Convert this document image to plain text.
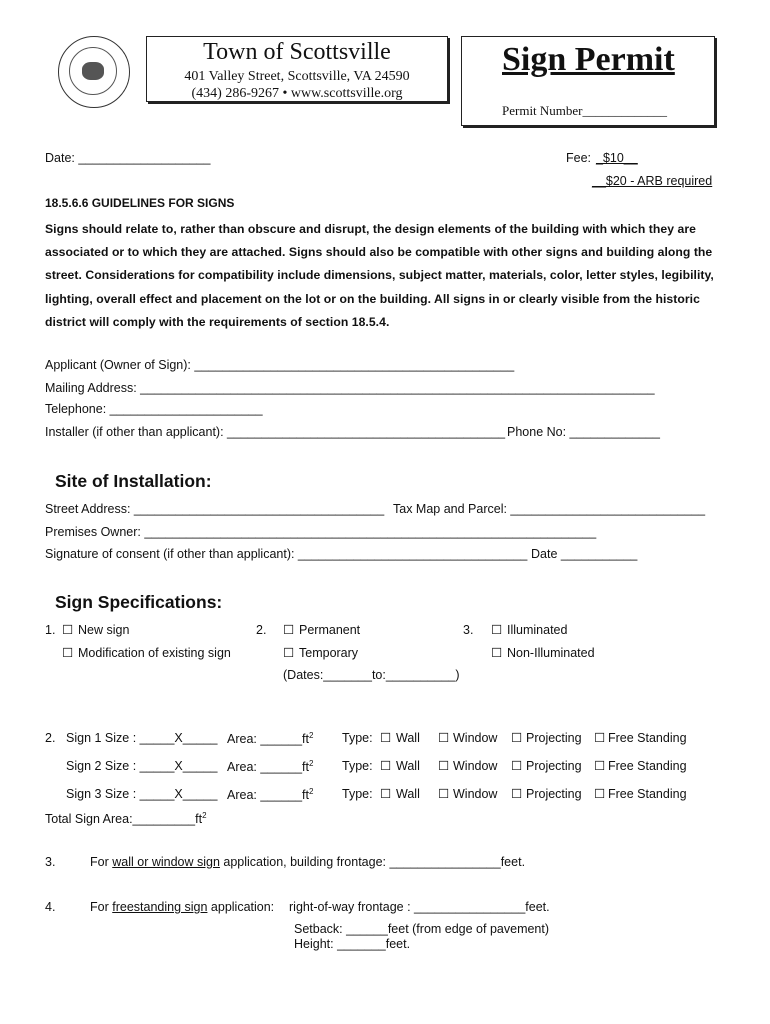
Town of Scottsville
401 Valley Street, Scottsville, VA 24590
(434) 286-9267 • www.scottsville.org
Sign Permit
Permit Number_____________
Date: ___________________	Fee: _$10__
__$20 - ARB required
18.5.6.6 GUIDELINES FOR SIGNS
Signs should relate to, rather than obscure and disrupt, the design elements of the building with which they are associated or to which they are attached. Signs should also be compatible with other signs and building along the street. Considerations for compatibility include dimensions, subject matter, materials, color, letter styles, legibility, lighting, overall effect and placement on the lot or on the building. All signs in or clearly visible from the historic district will comply with the requirements of section 18.5.4.
Applicant (Owner of Sign): ______________________________________________
Mailing Address: __________________________________________________________________________
Telephone: ______________________
Installer (if other than applicant): ________________________________________ Phone No: _____________
Site of Installation:
Street Address: ____________________________________ Tax Map and Parcel: ____________________________
Premises Owner: _________________________________________________________________
Signature of consent (if other than applicant): _________________________________ Date ___________
Sign Specifications:
1. ☐ New sign
☐ Modification of existing sign
2. ☐ Permanent
☐ Temporary
(Dates:_______to:__________)
3. ☐ Illuminated
☐ Non-Illuminated
2. Sign 1 Size : _____X_____ Area: $\_\_\_\_\_\_ft^2$ Type: ☐ Wall ☐ Window ☐ Projecting ☐ Free Standing
Sign 2 Size : _____X_____ Area: $\_\_\_\_\_\_ft^2$ Type: ☐ Wall ☐ Window ☐ Projecting ☐ Free Standing
Sign 3 Size : _____X_____ Area: $\_\_\_\_\_\_ft^2$ Type: ☐ Wall ☐ Window ☐ Projecting ☐ Free Standing
Total Sign $Area:\_\_\_\_\_\_\_\_\_ft^2$
3.	For wall or window sign application, building frontage: ________________feet.
4.	For freestanding sign application: right-of-way frontage : ________________feet.
Setback: ______feet (from edge of pavement)
Height: _______feet.
